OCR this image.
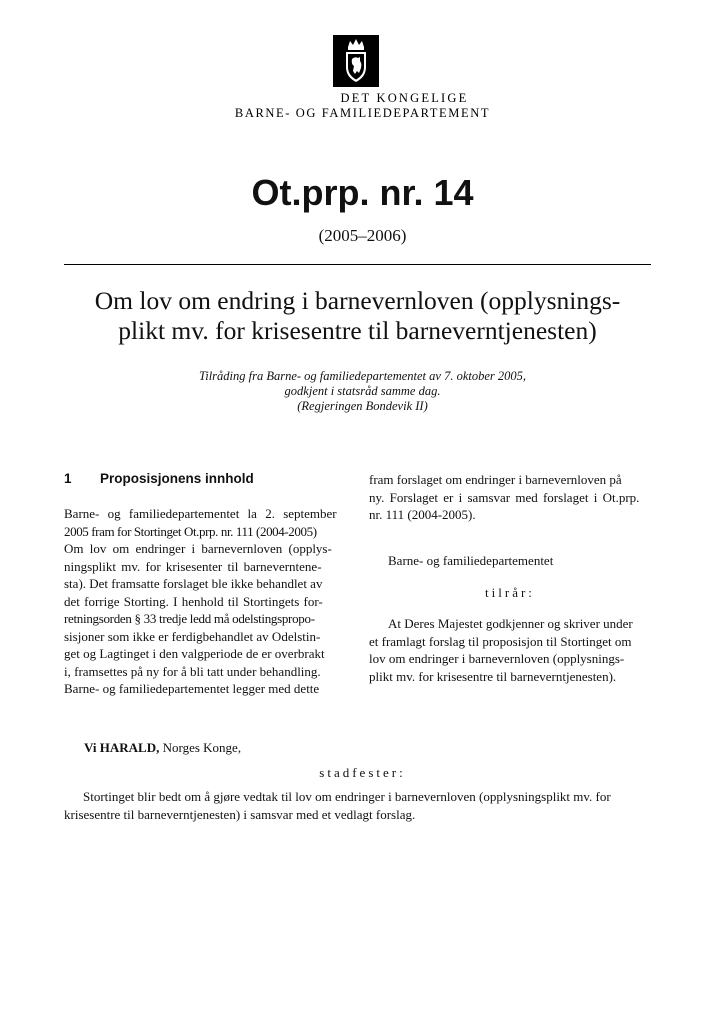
DET KONGELIGE
BARNE- OG FAMILIEDEPARTEMENT
Ot.prp. nr. 14
(2005–2006)
Om lov om endring i barnevernloven (opplysnings-
plikt mv. for krisesentre til barneverntjenesten)
Tilråding fra Barne- og familiedepartementet av 7. oktober 2005,
godkjent i statsråd samme dag.
(Regjeringen Bondevik II)
1 Proposisjonens innhold
Barne- og familiedepartementet la 2. september
2005 fram for Stortinget Ot.prp. nr. 111 (2004-2005)
Om lov om endringer i barnevernloven (opplys-
ningsplikt mv. for krisesenter til barneverntene-
sta). Det framsatte forslaget ble ikke behandlet av
det forrige Storting. I henhold til Stortingets for-
retningsorden § 33 tredje ledd må odelstingspropo-
sisjoner som ikke er ferdigbehandlet av Odelstin-
get og Lagtinget i den valgperiode de er overbrakt
i, framsettes på ny for å bli tatt under behandling.
Barne- og familiedepartementet legger med dette
fram forslaget om endringer i barnevernloven på
ny. Forslaget er i samsvar med forslaget i Ot.prp.
nr. 111 (2004-2005).
Barne- og familiedepartementet
tilrår:
At Deres Majestet godkjenner og skriver under
et framlagt forslag til proposisjon til Stortinget om
lov om endringer i barnevernloven (opplysnings-
plikt mv. for krisesentre til barneverntjenesten).
Vi HARALD, Norges Konge,
stadfester:
Stortinget blir bedt om å gjøre vedtak til lov om endringer i barnevernloven (opplysningsplikt mv. for
krisesentre til barneverntjenesten) i samsvar med et vedlagt forslag.
